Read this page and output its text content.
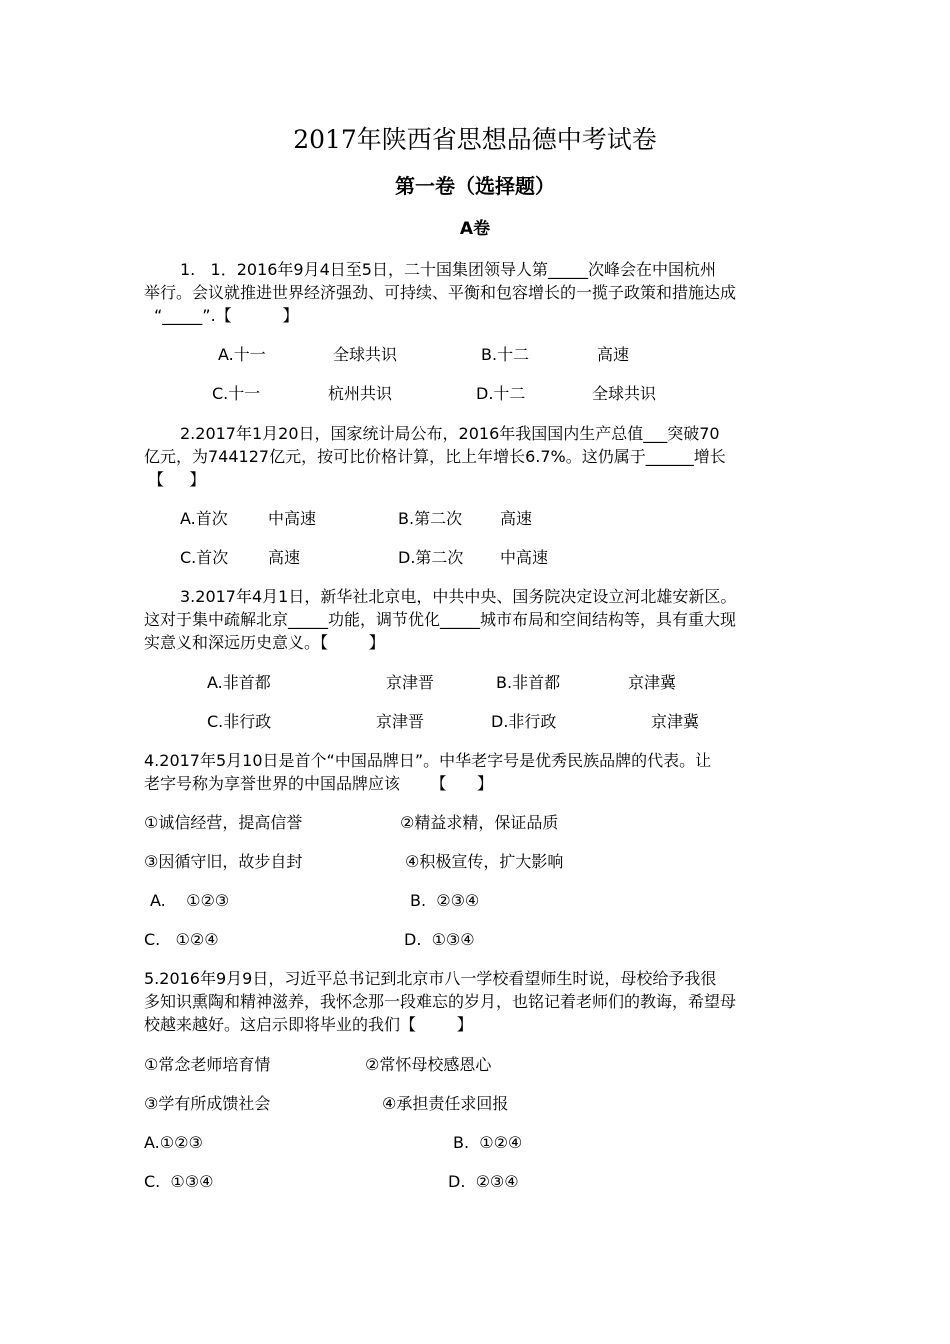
2017年陕西省思想品德中考试卷
第一卷（选择题）
A卷
1.   1．2016年9月4日至5日，二十国集团领导人第_____次峰会在中国杭州
举行。会议就推进世界经济强劲、可持续、平衡和包容增长的一揽子政策和措施达成
“_____”.【          】
A.十一	全球共识	B.十二	高速
C.十一	杭州共识	D.十二	全球共识
2.2017年1月20日，国家统计局公布，2016年我国国内生产总值___突破70
亿元，为744127亿元，按可比价格计算，比上年增长6.7%。这仍属于______增长
【     】
A.首次	中高速	B.第二次 高速
C.首次 高速	D.第二次 中高速
3.2017年4月1日，新华社北京电，中共中央、国务院决定设立河北雄安新区。
这对于集中疏解北京_____功能，调节优化_____城市布局和空间结构等，具有重大现
实意义和深远历史意义。【        】
A.非首都	京津晋	B.非首都	京津冀
C.非行政	京津晋	D.非行政	京津冀
4.2017年5月10日是首个“中国品牌日”。中华老字号是优秀民族品牌的代表。让
老字号称为享誉世界的中国品牌应该      【      】
①诚信经营，提高信誉	②精益求精，保证品质
③因循守旧，故步自封	④积极宣传，扩大影响
A.    ①②③	B.  ②③④
C.   ①②④	D.  ①③④
5.2016年9月9日，习近平总书记到北京市八一学校看望师生时说，母校给予我很
多知识熏陶和精神滋养，我怀念那一段难忘的岁月，也铭记着老师们的教诲，希望母
校越来越好。这启示即将毕业的我们【        】
①常念老师培育情	②常怀母校感恩心
③学有所成馈社会	④承担责任求回报
A.①②③	B.  ①②④
C.  ①③④	D.  ②③④
